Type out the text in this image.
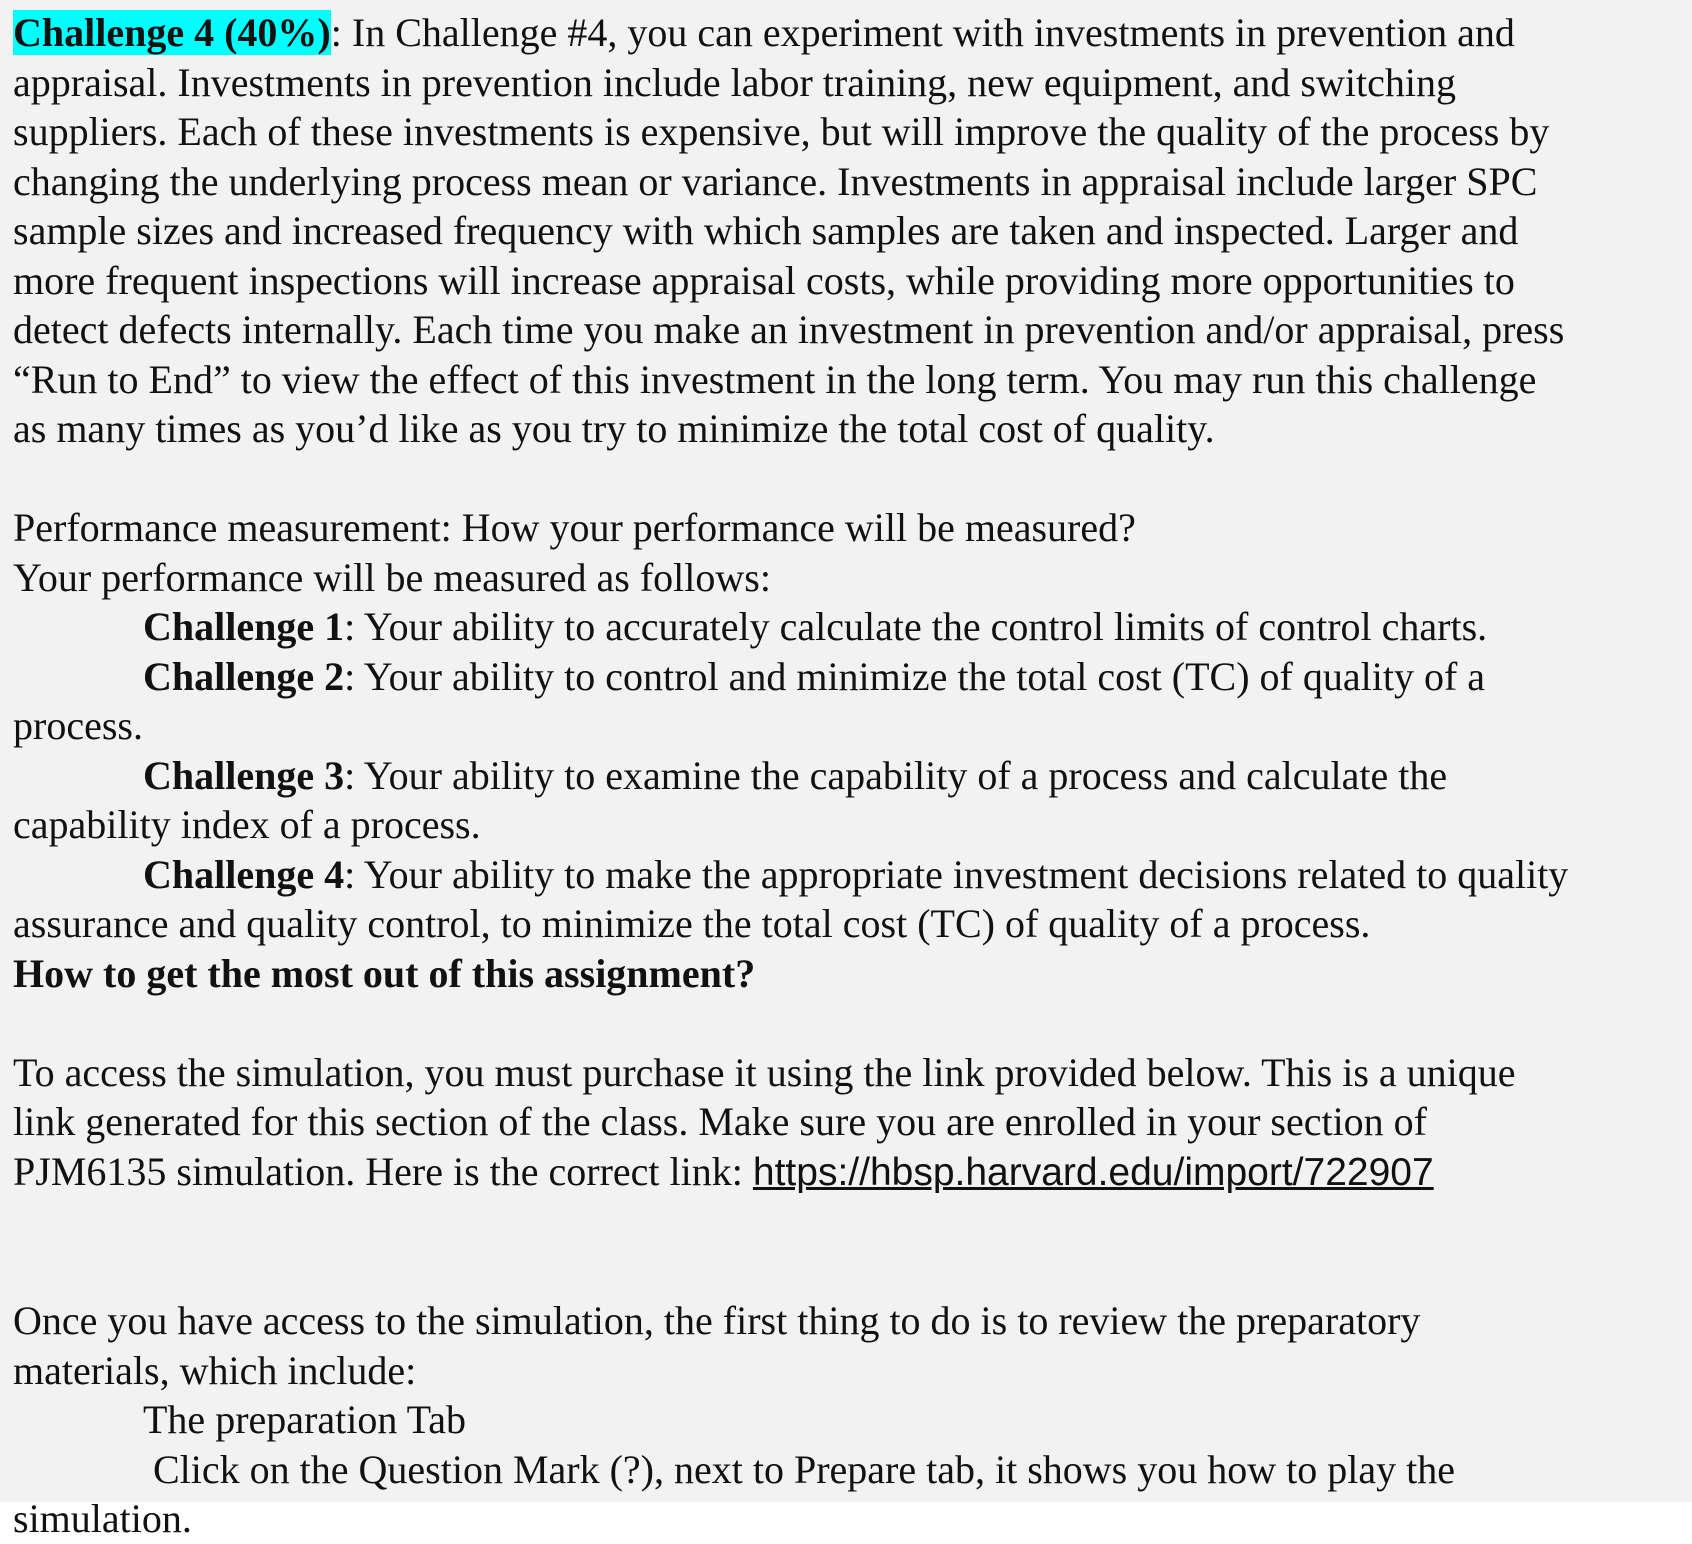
Challenge 4 (40%): In Challenge #4, you can experiment with investments in prevention and

appraisal. Investments in prevention include labor training, new equipment, and switching

suppliers. Each of these investments is expensive, but will improve the quality of the process by

changing the underlying process mean or variance. Investments in appraisal include larger SPC

sample sizes and increased frequency with which samples are taken and inspected. Larger and

more frequent inspections will increase appraisal costs, while providing more opportunities to

detect defects internally. Each time you make an investment in prevention and/or appraisal, press

“Run to End” to view the effect of this investment in the long term. You may run this challenge

as many times as you’d like as you try to minimize the total cost of quality.

Performance measurement: How your performance will be measured?

Your performance will be measured as follows:

Challenge 1: Your ability to accurately calculate the control limits of control charts.

Challenge 2: Your ability to control and minimize the total cost (TC) of quality of a

process.

Challenge 3: Your ability to examine the capability of a process and calculate the

capability index of a process.

Challenge 4: Your ability to make the appropriate investment decisions related to quality

assurance and quality control, to minimize the total cost (TC) of quality of a process.

How to get the most out of this assignment?

To access the simulation, you must purchase it using the link provided below. This is a unique

link generated for this section of the class. Make sure you are enrolled in your section of

PJM6135 simulation. Here is the correct link: https://hbsp.harvard.edu/import/722907

Once you have access to the simulation, the first thing to do is to review the preparatory

materials, which include:

The preparation Tab

Click on the Question Mark (?), next to Prepare tab, it shows you how to play the

simulation.
